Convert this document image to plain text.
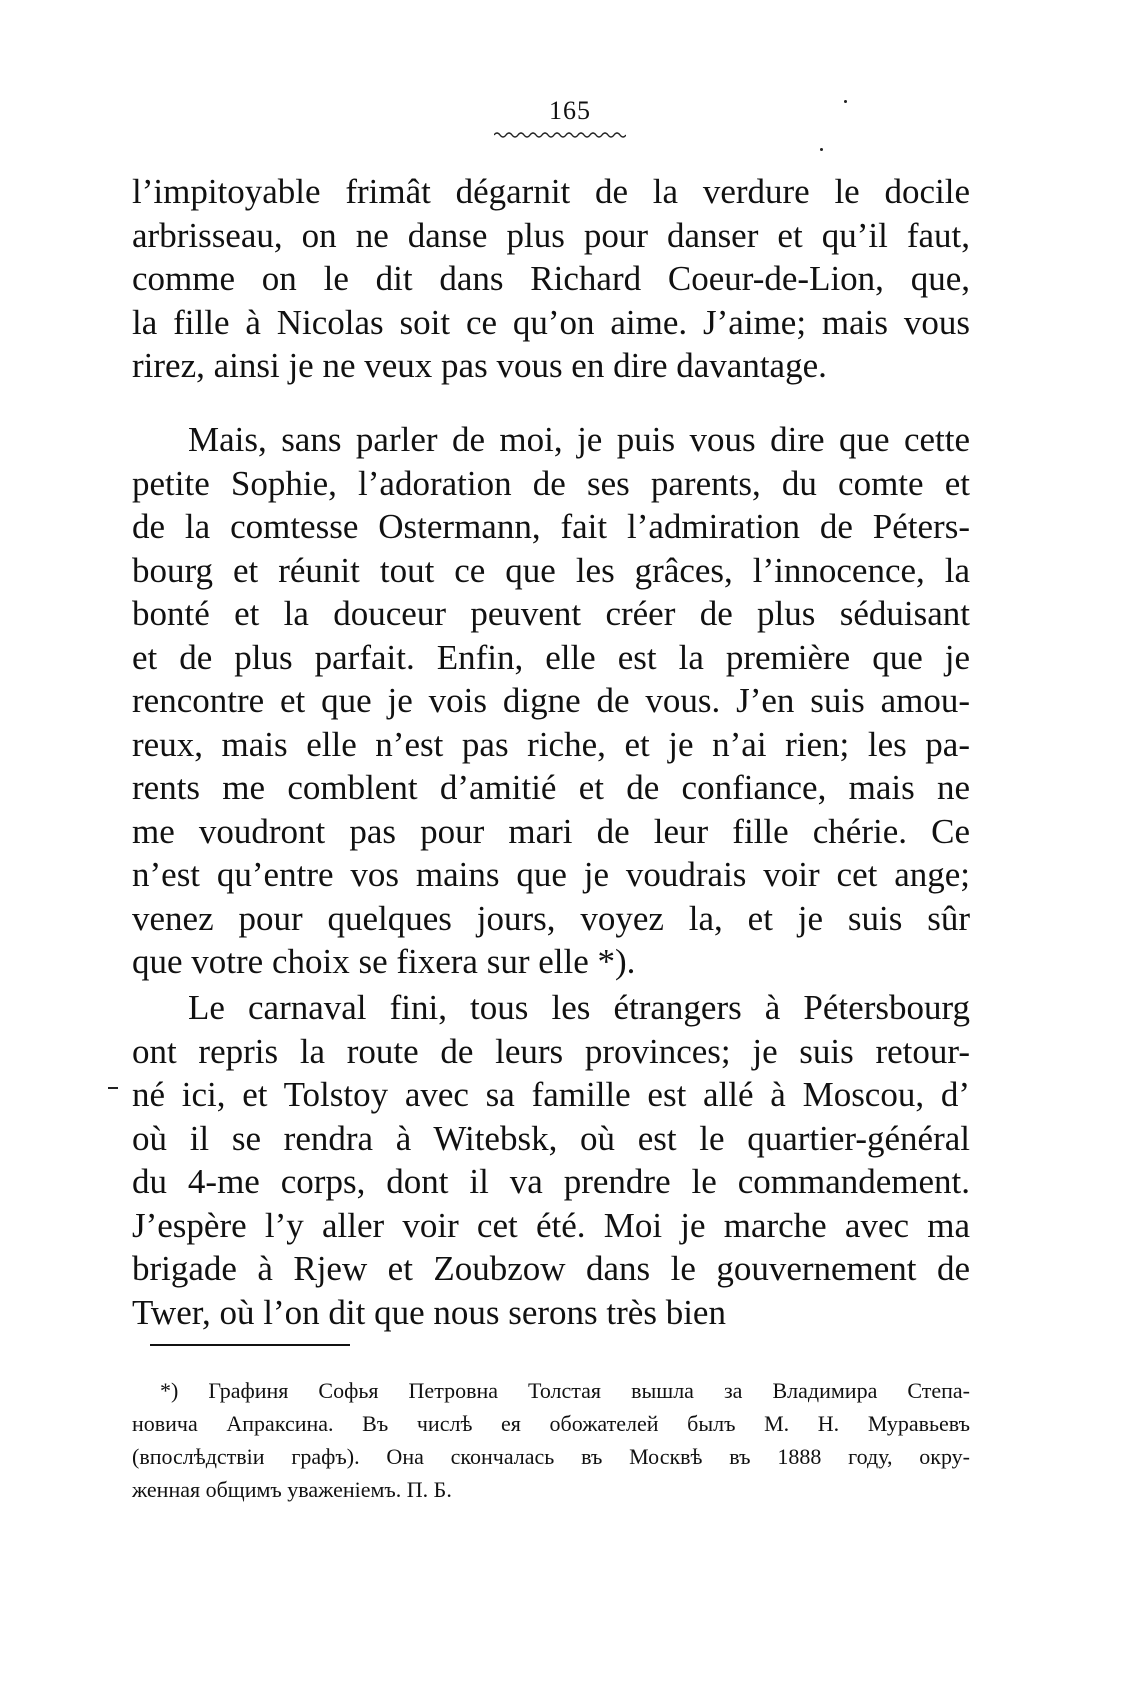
165

l’impitoyable frimât dégarnit de la verdure le docile
arbrisseau, on ne danse plus pour danser et qu’il faut,
comme on le dit dans Richard Coeur-de-Lion, que,
la fille à Nicolas soit ce qu’on aime. J’aime; mais vous
rirez, ainsi je ne veux pas vous en dire davantage.

Mais, sans parler de moi, je puis vous dire que cette
petite Sophie, l’adoration de ses parents, du comte et
de la comtesse Ostermann, fait l’admiration de Péters-
bourg et réunit tout ce que les grâces, l’innocence, la
bonté et la douceur peuvent créer de plus séduisant
et de plus parfait. Enfin, elle est la première que je
rencontre et que je vois digne de vous. J’en suis amou-
reux, mais elle n’est pas riche, et je n’ai rien; les pa-
rents me comblent d’amitié et de confiance, mais ne
me voudront pas pour mari de leur fille chérie. Ce
n’est qu’entre vos mains que je voudrais voir cet ange;
venez pour quelques jours, voyez la, et je suis sûr
que votre choix se fixera sur elle *).

Le carnaval fini, tous les étrangers à Pétersbourg
ont repris la route de leurs provinces; je suis retour-
né ici, et Tolstoy avec sa famille est allé à Moscou, d’
où il se rendra à Witebsk, où est le quartier-général
du 4-me corps, dont il va prendre le commandement.
J’espère l’y aller voir cet été. Moi je marche avec ma
brigade à Rjew et Zoubzow dans le gouvernement de
Twer, où l’on dit que nous serons très bien

*) Графиня Софья Петровна Толстая вышла за Владимира Степа-
новича Апраксина. Въ числѣ ея обожателей былъ М. Н. Муравьевъ
(впослѣдствіи графъ). Она скончалась въ Москвѣ въ 1888 году, окру-
женная общимъ уваженіемъ. П. Б.
